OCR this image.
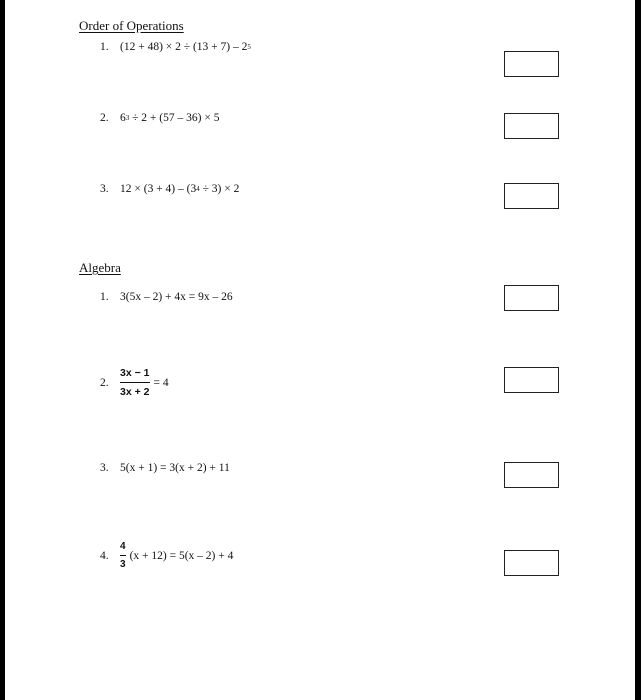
Order of Operations
1. (12 + 48) × 2 ÷ (13 + 7) – 2 5
2. 6 3 ÷ 2 + (57 – 36) × 5
3. 12 × (3 + 4) – (3 4 ÷ 3) × 2
Algebra
1. 3(5x – 2) + 4x = 9x – 26
2.	$\frac{3x - 1}{3x + 2} = 4$
3. 5(x + 1) = 3(x + 2) + 11
4.	$\frac{4}{3} (x + 12) = 5(x - 2) + 4$
